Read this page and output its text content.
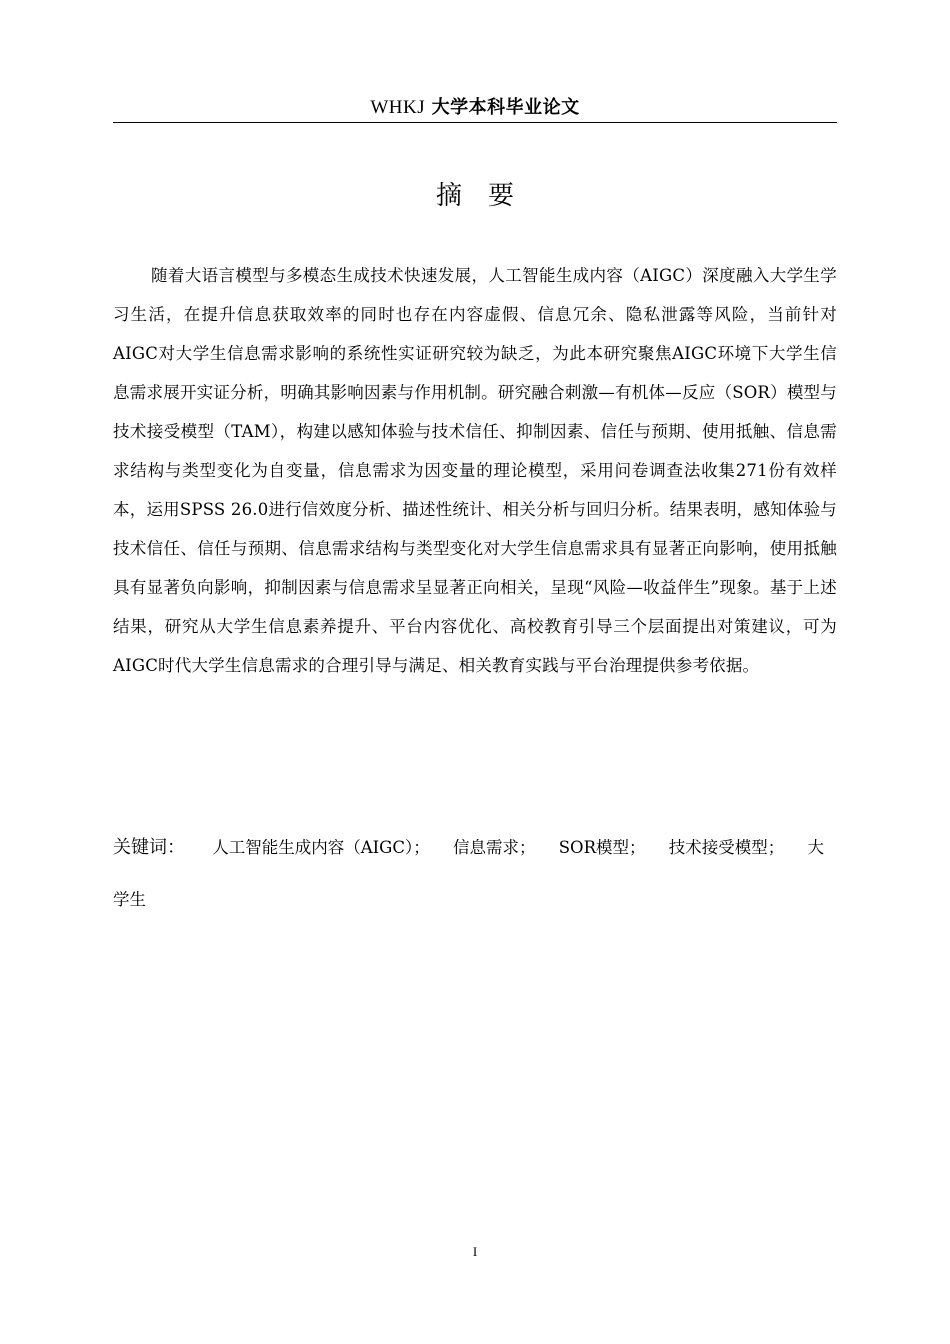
WHKJ 大学本科毕业论文
摘要

随着大语言模型与多模态生成技术快速发展，人工智能生成内容（AIGC）深度融入大学生学习生活，在提升信息获取效率的同时也存在内容虚假、信息冗余、隐私泄露等风险，当前针对AIGC对大学生信息需求影响的系统性实证研究较为缺乏，为此本研究聚焦AIGC环境下大学生信息需求展开实证分析，明确其影响因素与作用机制。研究融合刺激—有机体—反应（SOR）模型与技术接受模型（TAM），构建以感知体验与技术信任、抑制因素、信任与预期、使用抵触、信息需求结构与类型变化为自变量，信息需求为因变量的理论模型，采用问卷调查法收集271份有效样本，运用SPSS 26.0进行信效度分析、描述性统计、相关分析与回归分析。结果表明，感知体验与技术信任、信任与预期、信息需求结构与类型变化对大学生信息需求具有显著正向影响，使用抵触具有显著负向影响，抑制因素与信息需求呈显著正向相关，呈现“风险—收益伴生”现象。基于上述结果，研究从大学生信息素养提升、平台内容优化、高校教育引导三个层面提出对策建议，可为AIGC时代大学生信息需求的合理引导与满足、相关教育实践与平台治理提供参考依据。

关键词： 人工智能生成内容（AIGC）； 信息需求； SOR模型； 技术接受模型； 大学生
I
